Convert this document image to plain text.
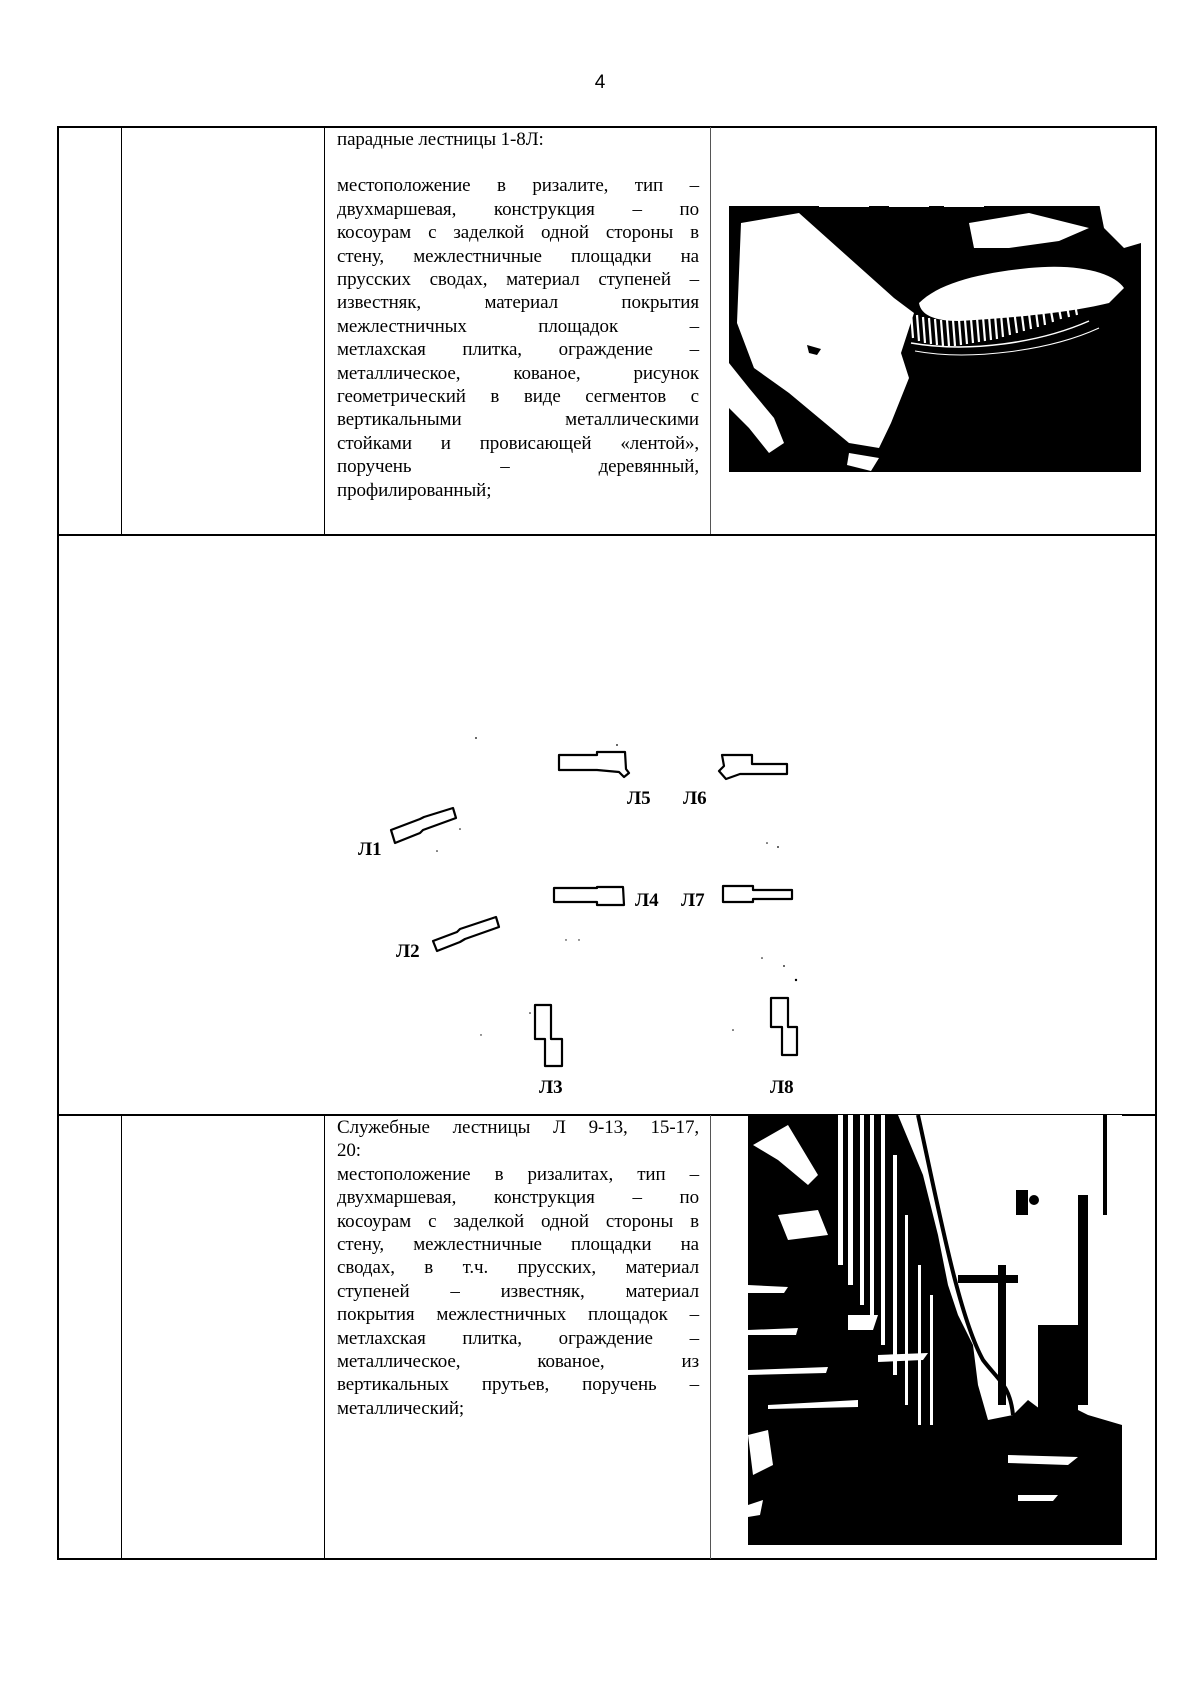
4

парадные лестницы 1-8Л:

местоположение в ризалите, тип –

двухмаршевая, конструкция – по

косоурам с заделкой одной стороны в

стену, межлестничные площадки на

прусских сводах, материал ступеней –

известняк, материал покрытия

межлестничных площадок –

метлахская плитка, ограждение –

металлическое, кованое, рисунок

геометрический в виде сегментов с

вертикальными металлическими

стойками и провисающей «лентой»,

поручень – деревянный,

профилированный;

Л5 Л6
Л1
Л4 Л7
Л2
Л3	Л8

Служебные лестницы Л 9-13, 15-17,

20:

местоположение в ризалитах, тип –

двухмаршевая, конструкция – по

косоурам с заделкой одной стороны в

стену, межлестничные площадки на

сводах, в т.ч. прусских, материал

ступеней – известняк, материал

покрытия межлестничных площадок –

метлахская плитка, ограждение –

металлическое, кованое, из

вертикальных прутьев, поручень –

металлический;
